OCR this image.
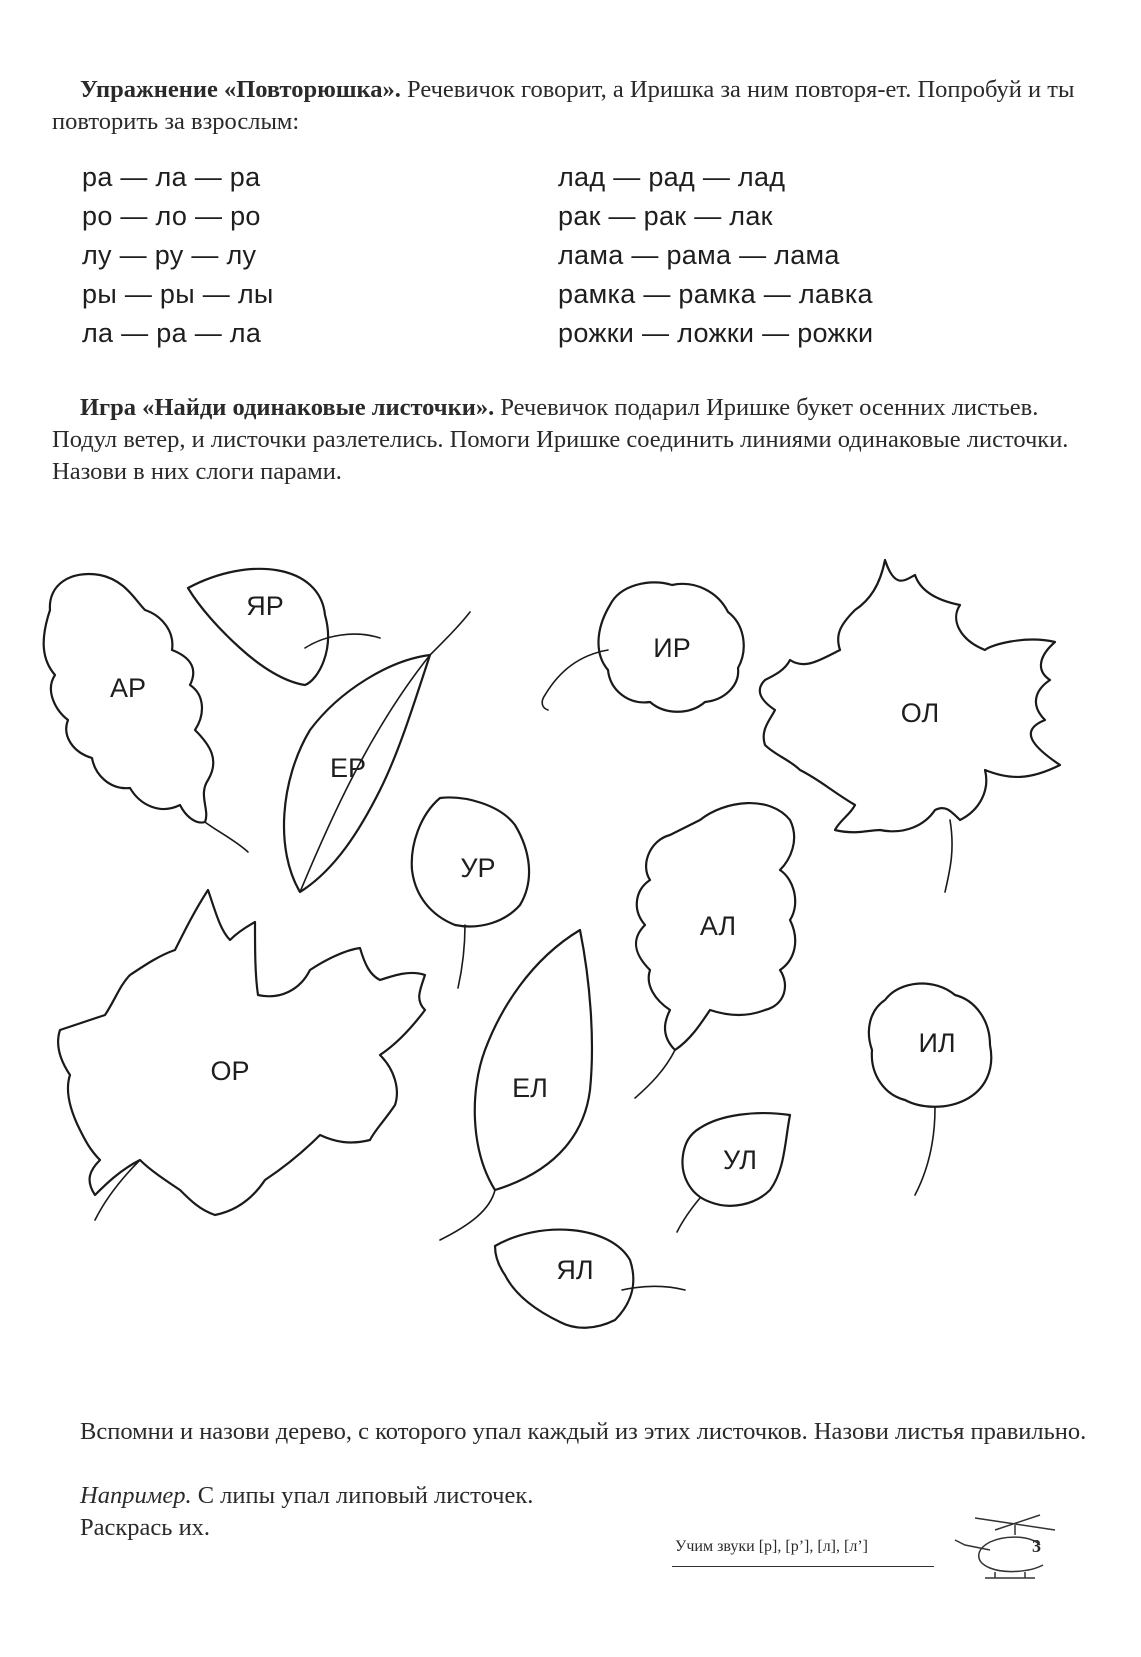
Упражнение «Повторюшка». Речевичок говорит, а Иришка за ним повторя-ет. Попробуй и ты повторить за взрослым:
ра — ла — ра
ро — ло — ро
лу — ру — лу
ры — ры — лы
ла — ра — ла
лад — рад — лад
рак — рак — лак
лама — рама — лама
рамка — рамка — лавка
рожки — ложки — рожки
Игра «Найди одинаковые листочки». Речевичок подарил Иришке букет осенних листьев. Подул ветер, и листочки разлетелись. Помоги Иришке соединить линиями одинаковые листочки. Назови в них слоги парами.
ЯР
АР
ЕР
ИР
ОЛ
УР
АЛ
ОР
ЕЛ
ИЛ
УЛ
ЯЛ
Вспомни и назови дерево, с которого упал каждый из этих листочков. Назови листья правильно.
Например. С липы упал липовый листочек.
Раскрась их.
Учим звуки [р], [р’], [л], [л’]	3
